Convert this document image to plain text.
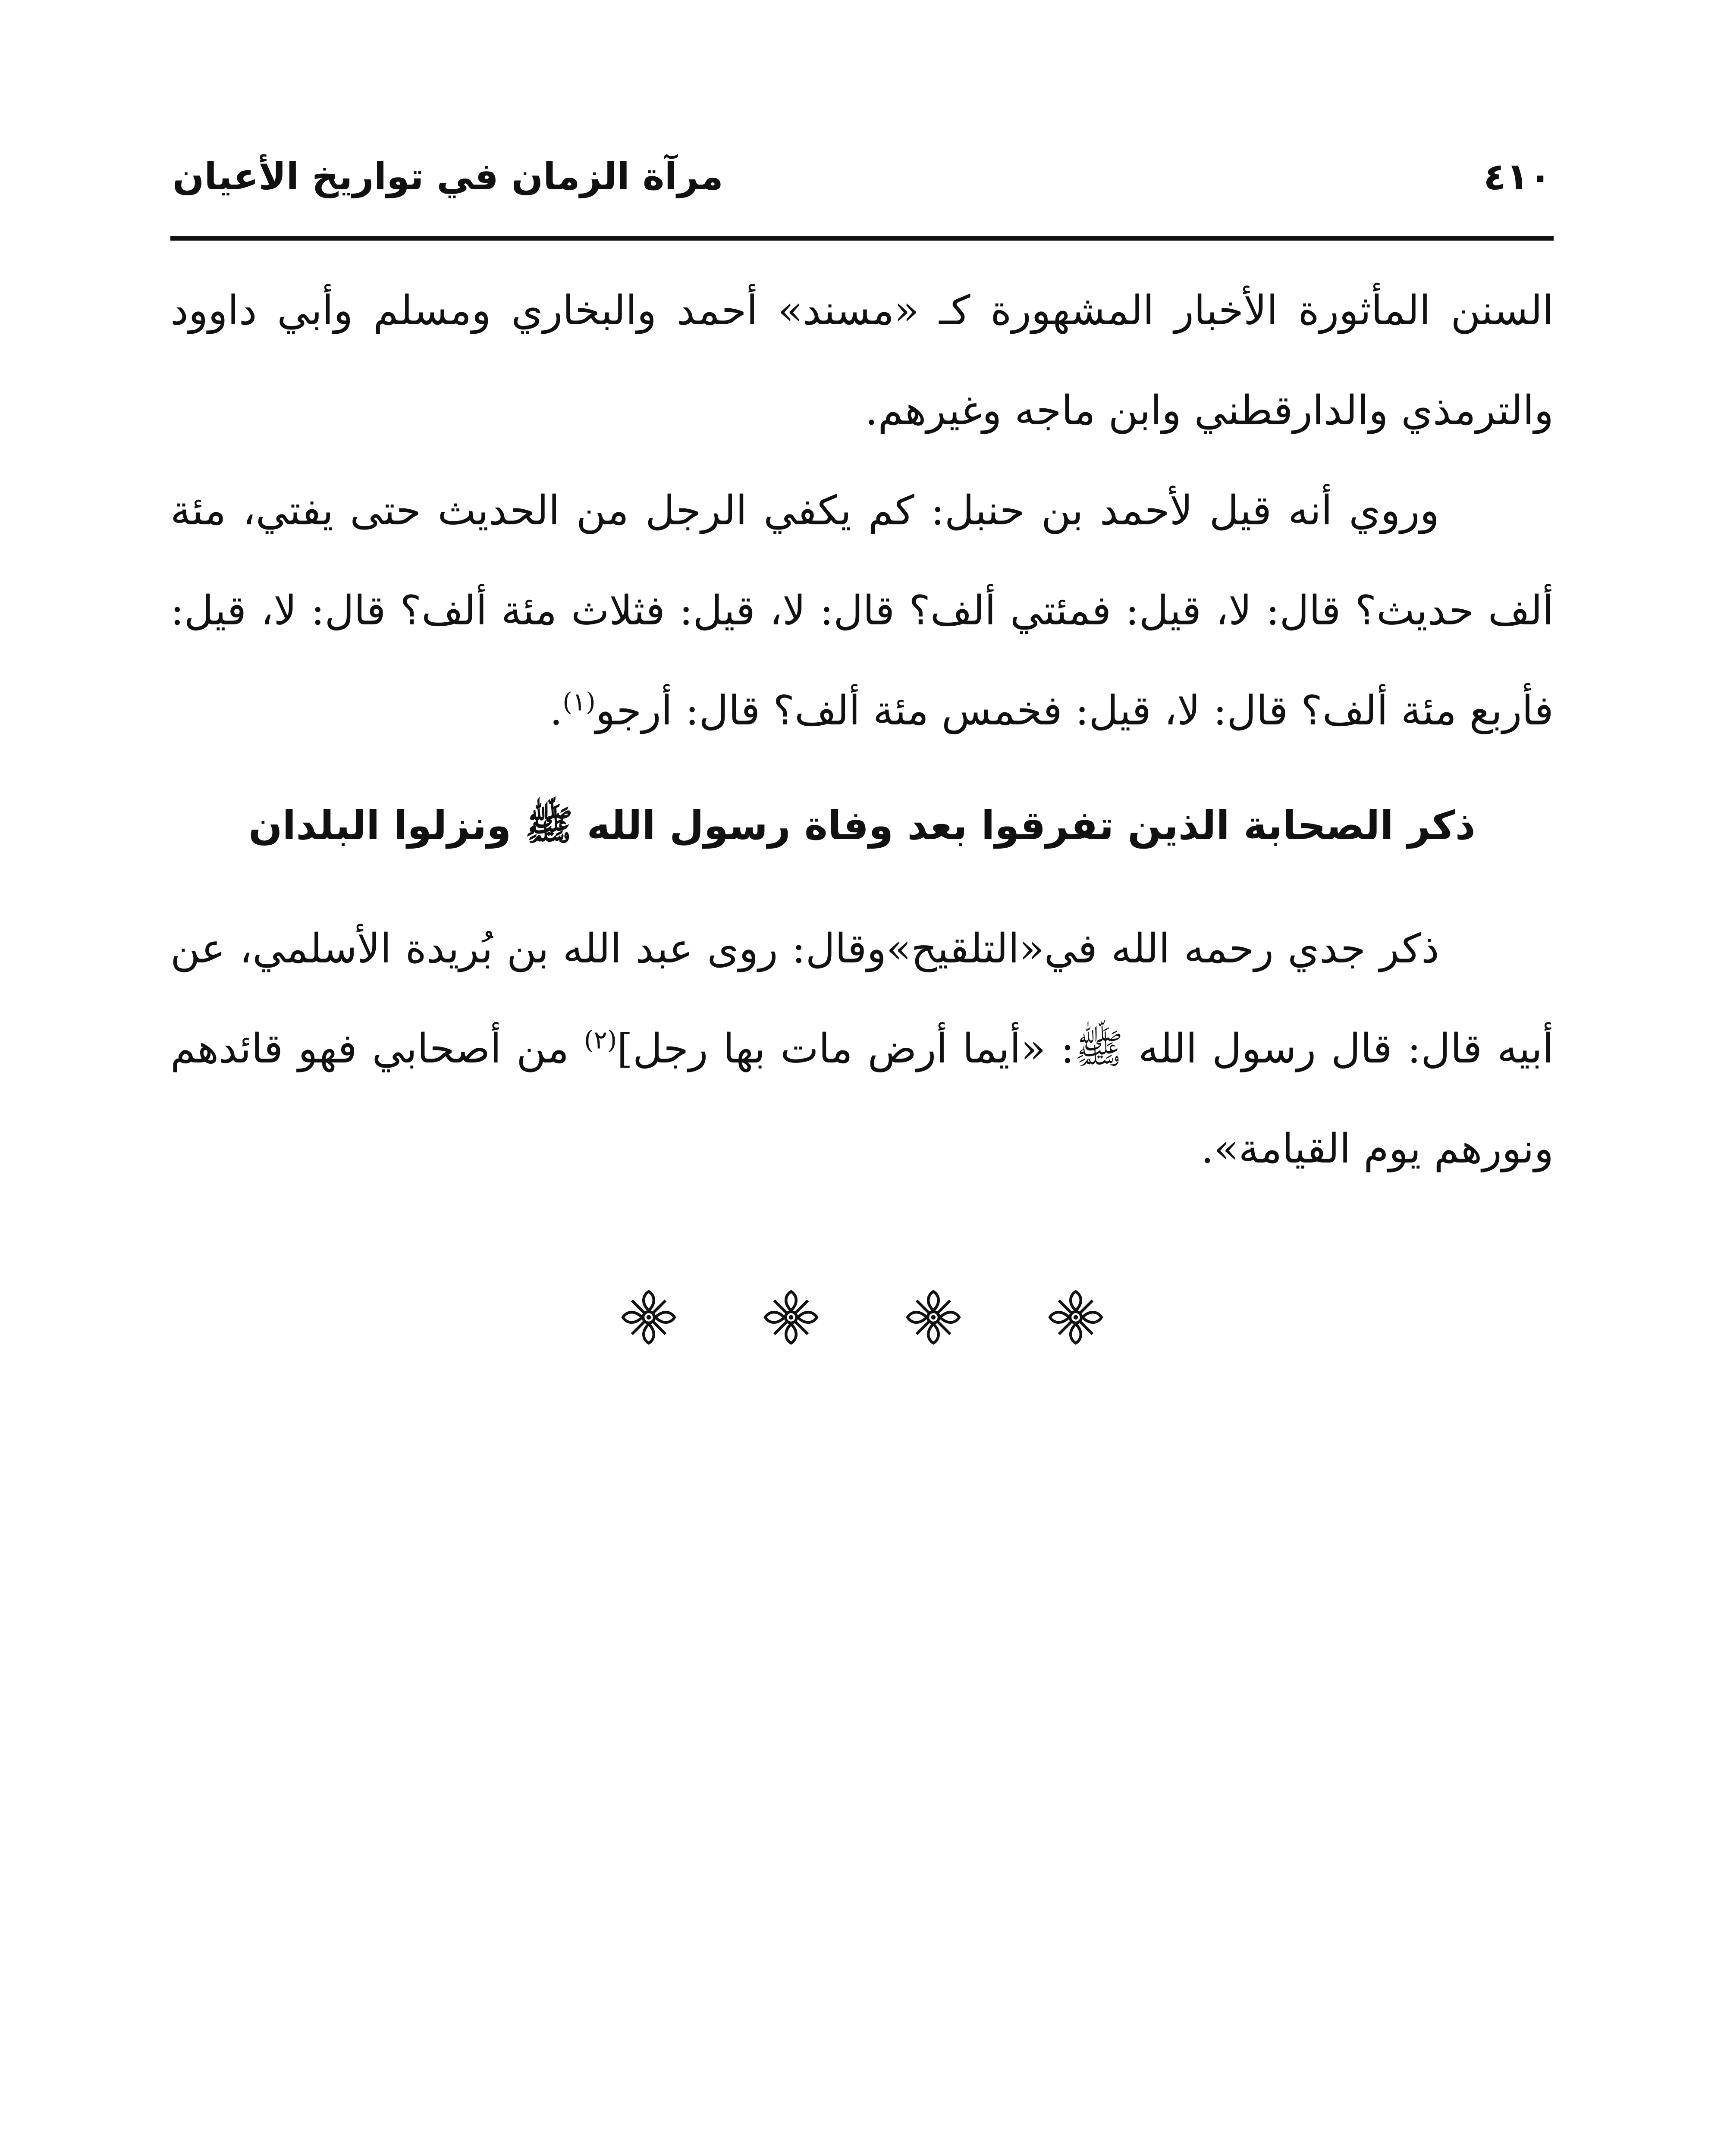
مرآة الزمان في تواريخ الأعيان	٤١٠

السنن المأثورة الأخبار المشهورة كـ «مسند» أحمد والبخاري ومسلم وأبي داوود والترمذي والدارقطني وابن ماجه وغيرهم.

وروي أنه قيل لأحمد بن حنبل: كم يكفي الرجل من الحديث حتى يفتي، مئة ألف حديث؟ قال: لا، قيل: فمئتي ألف؟ قال: لا، قيل: فثلاث مئة ألف؟ قال: لا، قيل: فأربع مئة ألف؟ قال: لا، قيل: فخمس مئة ألف؟ قال: أرجو$^{(١)}$.

ذكر الصحابة الذين تفرقوا بعد وفاة رسول الله ﷺ ونزلوا البلدان

ذكر جدي رحمه الله في«التلقيح»وقال: روى عبد الله بن بُريدة الأسلمي، عن أبيه قال: قال رسول الله ﷺ: «أيما أرض مات بها رجل]$^{(٢)}$ من أصحابي فهو قائدهم ونورهم يوم القيامة».
